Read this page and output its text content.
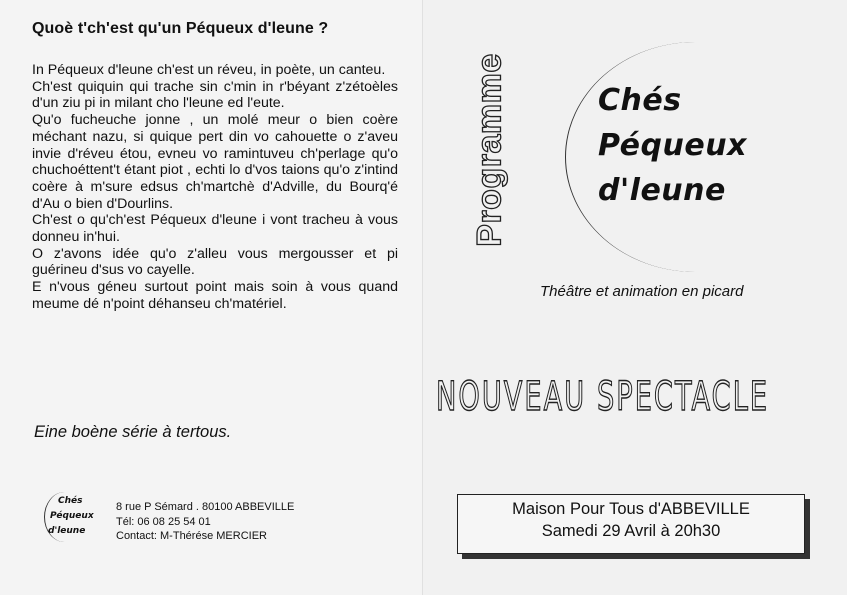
Quoè t'ch'est qu'un Péqueux d'leune ?

In Péqueux d'leune ch'est un réveu, in poète, un canteu.

Ch'est quiquin qui trache sin c'min in r'béyant z'zétoèles d'un ziu pi in milant cho l'leune ed l'eute.

Qu'o fucheuche jonne , un molé meur o bien coère méchant nazu, si quique pert din vo cahouette o z'aveu invie d'réveu étou, evneu vo ramintuveu ch'perlage qu'o chuchoéttent't étant piot , echti lo d'vos taions qu'o z'intind coère à m'sure edsus ch'martchè d'Adville, du Bourq'é d'Au o bien d'Dourlins.

Ch'est o qu'ch'est Péqueux d'leune i vont tracheu à vous donneu in'hui.

O z'avons idée qu'o z'alleu vous mergousser et pi guérineu d'sus vo cayelle.

E n'vous géneu surtout point mais soin à vous quand meume dé n'point déhanseu ch'matériel.

Eine boène série à tertous.
Chés
Péqueux
d'leune
8 rue P Sémard . 80100 ABBEVILLE
Tél: 06 08 25 54 01
Contact: M-Thérése MERCIER
Programme	Chés
Péqueux
d'leune
Théâtre et animation en picard
NOUVEAU SPECTACLE
Maison Pour Tous d'ABBEVILLE
Samedi 29 Avril à 20h30
